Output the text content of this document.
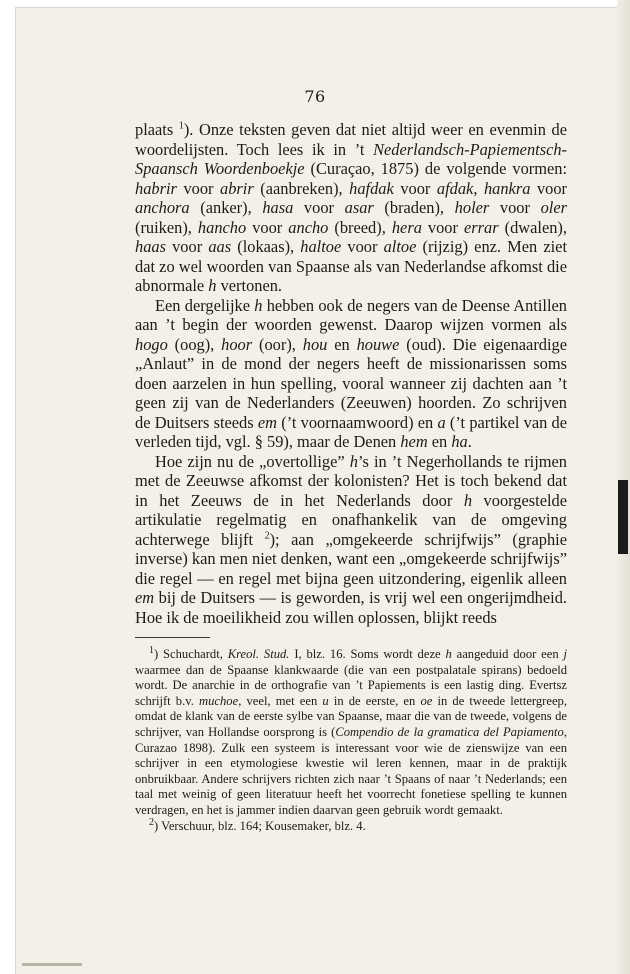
76

plaats $^1$). Onze teksten geven dat niet altijd weer en evenmin de woordelijsten. Toch lees ik in ’t Nederlandsch-Papiementsch-Spaansch Woordenboekje (Curaçao, 1875) de volgende vormen: habrir voor abrir (aanbreken), hafdak voor afdak, hankra voor anchora (anker), hasa voor asar (braden), holer voor oler (ruiken), hancho voor ancho (breed), hera voor errar (dwalen), haas voor aas (lokaas), haltoe voor altoe (rijzig) enz. Men ziet dat zo wel woorden van Spaanse als van Nederlandse afkomst die abnormale h vertonen.

Een dergelijke h hebben ook de negers van de Deense Antillen aan ’t begin der woorden gewenst. Daarop wijzen vormen als hogo (oog), hoor (oor), hou en houwe (oud). Die eigenaardige „Anlaut” in de mond der negers heeft de missionarissen soms doen aarzelen in hun spelling, vooral wanneer zij dachten aan ’t geen zij van de Nederlanders (Zeeuwen) hoorden. Zo schrijven de Duitsers steeds em (’t voornaamwoord) en a (’t partikel van de verleden tijd, vgl. § 59), maar de Denen hem en ha.

Hoe zijn nu de „overtollige” h’s in ’t Negerhollands te rijmen met de Zeeuwse afkomst der kolonisten? Het is toch bekend dat in het Zeeuws de in het Nederlands door h voorgestelde artikulatie regelmatig en onafhankelik van de omgeving achterwege blijft $^2$); aan „omgekeerde schrijfwijs” (graphie inverse) kan men niet denken, want een „omgekeerde schrijfwijs” die regel — en regel met bijna geen uitzondering, eigenlik alleen em bij de Duitsers — is geworden, is vrij wel een ongerijmdheid. Hoe ik de moeilikheid zou willen oplossen, blijkt reeds

$^1$) Schuchardt, Kreol. Stud. I, blz. 16. Soms wordt deze h aangeduid door een j waarmee dan de Spaanse klankwaarde (die van een postpalatale spirans) bedoeld wordt. De anarchie in de orthografie van ’t Papiements is een lastig ding. Evertsz schrijft b.v. muchoe, veel, met een u in de eerste, en oe in de tweede lettergreep, omdat de klank van de eerste sylbe van Spaanse, maar die van de tweede, volgens de schrijver, van Hollandse oorsprong is (Compendio de la gramatica del Papiamento, Curazao 1898). Zulk een systeem is interessant voor wie de zienswijze van een schrijver in een etymologiese kwestie wil leren kennen, maar in de praktijk onbruikbaar. Andere schrijvers richten zich naar ’t Spaans of naar ’t Nederlands; een taal met weinig of geen literatuur heeft het voorrecht fonetiese spelling te kunnen verdragen, en het is jammer indien daarvan geen gebruik wordt gemaakt.

$^2$) Verschuur, blz. 164; Kousemaker, blz. 4.
